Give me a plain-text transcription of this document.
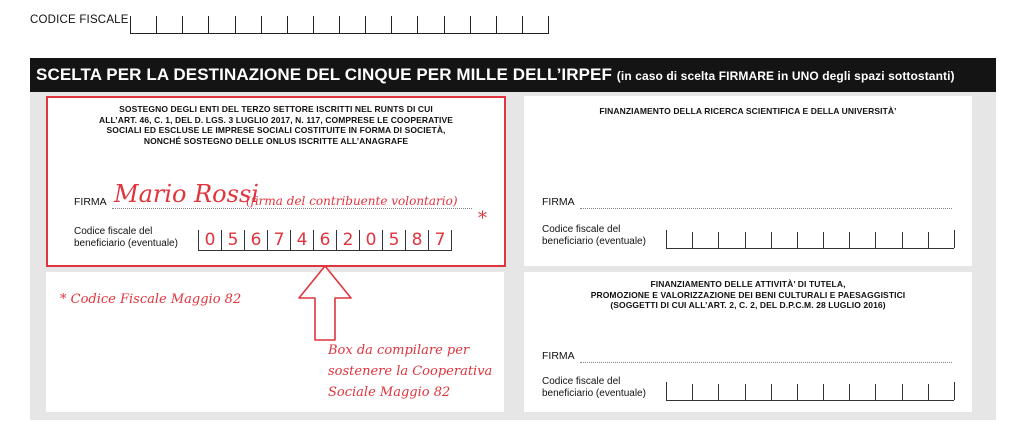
CODICE FISCALE
SCELTA PER LA DESTINAZIONE DEL CINQUE PER MILLE DELL’IRPEF (in caso di scelta FIRMARE in UNO degli spazi sottostanti)
SOSTEGNO DEGLI ENTI DEL TERZO SETTORE ISCRITTI NEL RUNTS DI CUI
ALL’ART. 46, C. 1, DEL D. LGS. 3 LUGLIO 2017, N. 117, COMPRESE LE COOPERATIVE
SOCIALI ED ESCLUSE LE IMPRESE SOCIALI COSTITUITE IN FORMA DI SOCIETÀ,
NONCHÉ SOSTEGNO DELLE ONLUS ISCRITTE ALL’ANAGRAFE
FIRMA Mario Rossi
(firma del contribuente volontario)
Codice fiscale del
beneficiario (eventuale)	0 5 6 7 4 6 2 0 5 8 7
*
FINANZIAMENTO DELLA RICERCA SCIENTIFICA E DELLA UNIVERSITÀ’
FIRMA
Codice fiscale del
beneficiario (eventuale)
FINANZIAMENTO DELLE ATTIVITÀ’ DI TUTELA,
PROMOZIONE E VALORIZZAZIONE DEI BENI CULTURALI E PAESAGGISTICI
(SOGGETTI DI CUI ALL’ART. 2, C. 2, DEL D.P.C.M. 28 LUGLIO 2016)
FIRMA
Codice fiscale del
beneficiario (eventuale)
* Codice Fiscale Maggio 82
Box da compilare per
sostenere la Cooperativa
Sociale Maggio 82
